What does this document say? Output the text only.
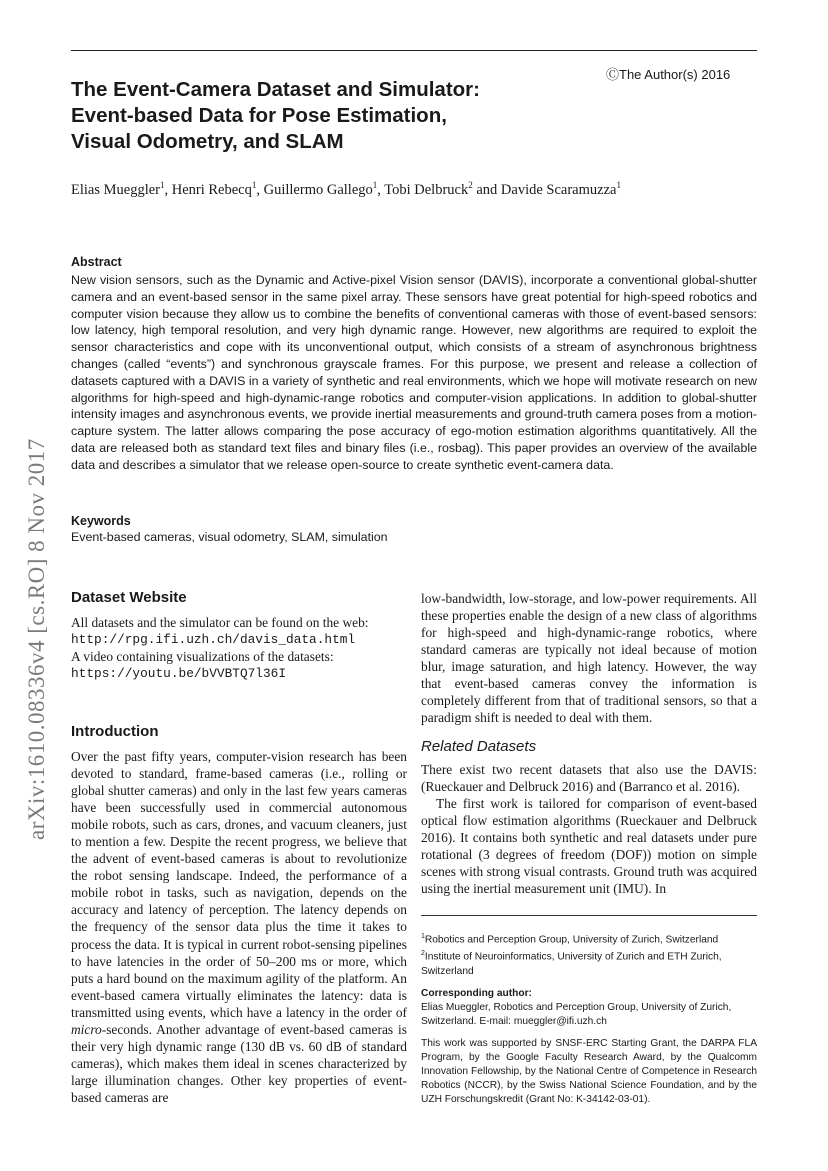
ⒸThe Author(s) 2016
The Event-Camera Dataset and Simulator:
Event-based Data for Pose Estimation,
Visual Odometry, and SLAM
Elias Mueggler$^1$, Henri Rebecq$^1$, Guillermo Gallego$^1$, Tobi Delbruck$^2$ and Davide Scaramuzza$^1$
Abstract
New vision sensors, such as the Dynamic and Active-pixel Vision sensor (DAVIS), incorporate a conventional global-shutter camera and an event-based sensor in the same pixel array. These sensors have great potential for high-speed robotics and computer vision because they allow us to combine the benefits of conventional cameras with those of event-based sensors: low latency, high temporal resolution, and very high dynamic range. However, new algorithms are required to exploit the sensor characteristics and cope with its unconventional output, which consists of a stream of asynchronous brightness changes (called “events”) and synchronous grayscale frames. For this purpose, we present and release a collection of datasets captured with a DAVIS in a variety of synthetic and real environments, which we hope will motivate research on new algorithms for high-speed and high-dynamic-range robotics and computer-vision applications. In addition to global-shutter intensity images and asynchronous events, we provide inertial measurements and ground-truth camera poses from a motion-capture system. The latter allows comparing the pose accuracy of ego-motion estimation algorithms quantitatively. All the data are released both as standard text files and binary files (i.e., rosbag). This paper provides an overview of the available data and describes a simulator that we release open-source to create synthetic event-camera data.
Keywords
Event-based cameras, visual odometry, SLAM, simulation
arXiv:1610.08336v4 [cs.RO] 8 Nov 2017 Dataset Website
All datasets and the simulator can be found on the web:
http://rpg.ifi.uzh.ch/davis_data.html
A video containing visualizations of the datasets:
https://youtu.be/bVVBTQ7l36I
Introduction
Over the past fifty years, computer-vision research has been devoted to standard, frame-based cameras (i.e., rolling or global shutter cameras) and only in the last few years cameras have been successfully used in commercial autonomous mobile robots, such as cars, drones, and vacuum cleaners, just to mention a few. Despite the recent progress, we believe that the advent of event-based cameras is about to revolutionize the robot sensing landscape. Indeed, the performance of a mobile robot in tasks, such as navigation, depends on the accuracy and latency of perception. The latency depends on the frequency of the sensor data plus the time it takes to process the data. It is typical in current robot-sensing pipelines to have latencies in the order of 50–200 ms or more, which puts a hard bound on the maximum agility of the platform. An event-based camera virtually eliminates the latency: data is transmitted using events, which have a latency in the order of micro-seconds. Another advantage of event-based cameras is their very high dynamic range (130 dB vs. 60 dB of standard cameras), which makes them ideal in scenes characterized by large illumination changes. Other key properties of event-based cameras are
low-bandwidth, low-storage, and low-power requirements. All these properties enable the design of a new class of algorithms for high-speed and high-dynamic-range robotics, where standard cameras are typically not ideal because of motion blur, image saturation, and high latency. However, the way that event-based cameras convey the information is completely different from that of traditional sensors, so that a paradigm shift is needed to deal with them.
Related Datasets
There exist two recent datasets that also use the DAVIS: (Rueckauer and Delbruck 2016) and (Barranco et al. 2016).
The first work is tailored for comparison of event-based optical flow estimation algorithms (Rueckauer and Delbruck 2016). It contains both synthetic and real datasets under pure rotational (3 degrees of freedom (DOF)) motion on simple scenes with strong visual contrasts. Ground truth was acquired using the inertial measurement unit (IMU). In
$^1$Robotics and Perception Group, University of Zurich, Switzerland
$^2$Institute of Neuroinformatics, University of Zurich and ETH Zurich, Switzerland
Corresponding author:
Elias Mueggler, Robotics and Perception Group, University of Zurich, Switzerland. E-mail: mueggler@ifi.uzh.ch
This work was supported by SNSF-ERC Starting Grant, the DARPA FLA Program, by the Google Faculty Research Award, by the Qualcomm Innovation Fellowship, by the National Centre of Competence in Research Robotics (NCCR), by the Swiss National Science Foundation, and by the UZH Forschungskredit (Grant No: K-34142-03-01).
